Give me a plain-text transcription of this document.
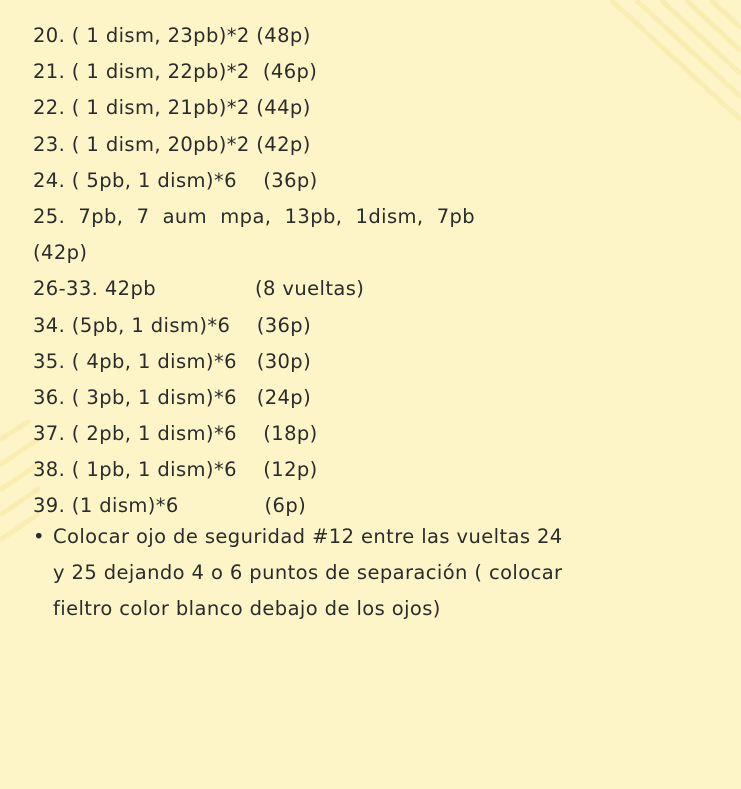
20. ( 1 dism, 23pb)*2 (48p)
21. ( 1 dism, 22pb)*2  (46p)
22. ( 1 dism, 21pb)*2 (44p)
23. ( 1 dism, 20pb)*2 (42p)
24. ( 5pb, 1 dism)*6    (36p)
25.  7pb,  7  aum  mpa,  13pb,  1dism,  7pb
(42p)
26-33. 42pb               (8 vueltas)
34. (5pb, 1 dism)*6    (36p)
35. ( 4pb, 1 dism)*6   (30p)
36. ( 3pb, 1 dism)*6   (24p)
37. ( 2pb, 1 dism)*6    (18p)
38. ( 1pb, 1 dism)*6    (12p)
39. (1 dism)*6             (6p)
• Colocar ojo de seguridad #12 entre las vueltas 24
y 25 dejando 4 o 6 puntos de separación ( colocar
fieltro color blanco debajo de los ojos)
